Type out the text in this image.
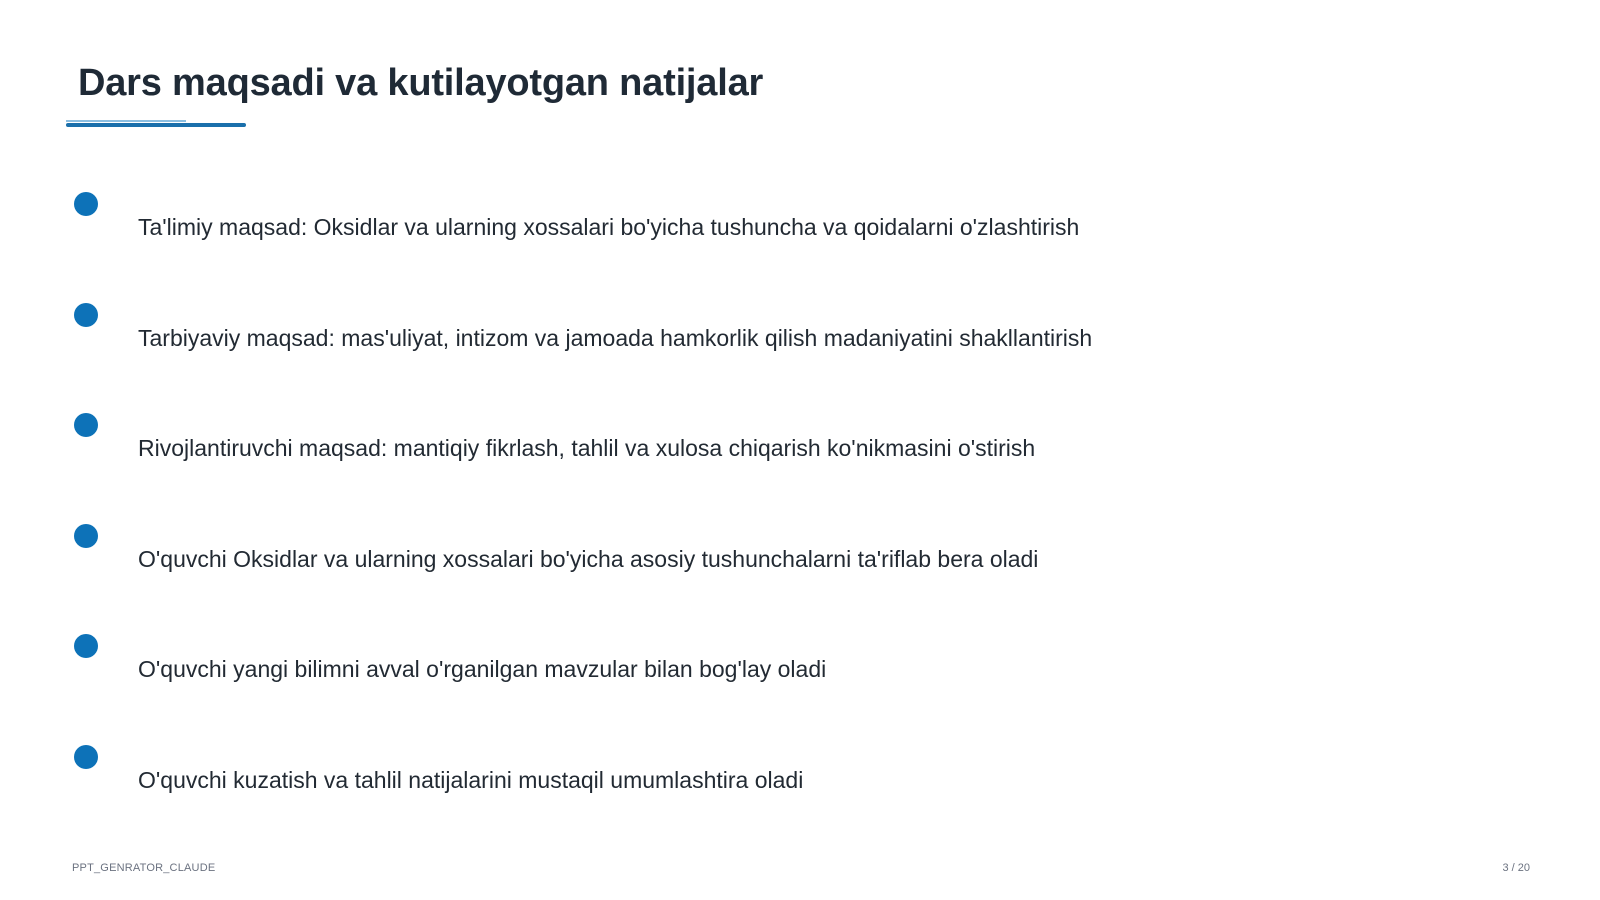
Dars maqsadi va kutilayotgan natijalar
Ta'limiy maqsad: Oksidlar va ularning xossalari bo'yicha tushuncha va qoidalarni o'zlashtirish
Tarbiyaviy maqsad: mas'uliyat, intizom va jamoada hamkorlik qilish madaniyatini shakllantirish
Rivojlantiruvchi maqsad: mantiqiy fikrlash, tahlil va xulosa chiqarish ko'nikmasini o'stirish
O'quvchi Oksidlar va ularning xossalari bo'yicha asosiy tushunchalarni ta'riflab bera oladi
O'quvchi yangi bilimni avval o'rganilgan mavzular bilan bog'lay oladi
O'quvchi kuzatish va tahlil natijalarini mustaqil umumlashtira oladi
PPT_GENRATOR_CLAUDE	3 / 20
